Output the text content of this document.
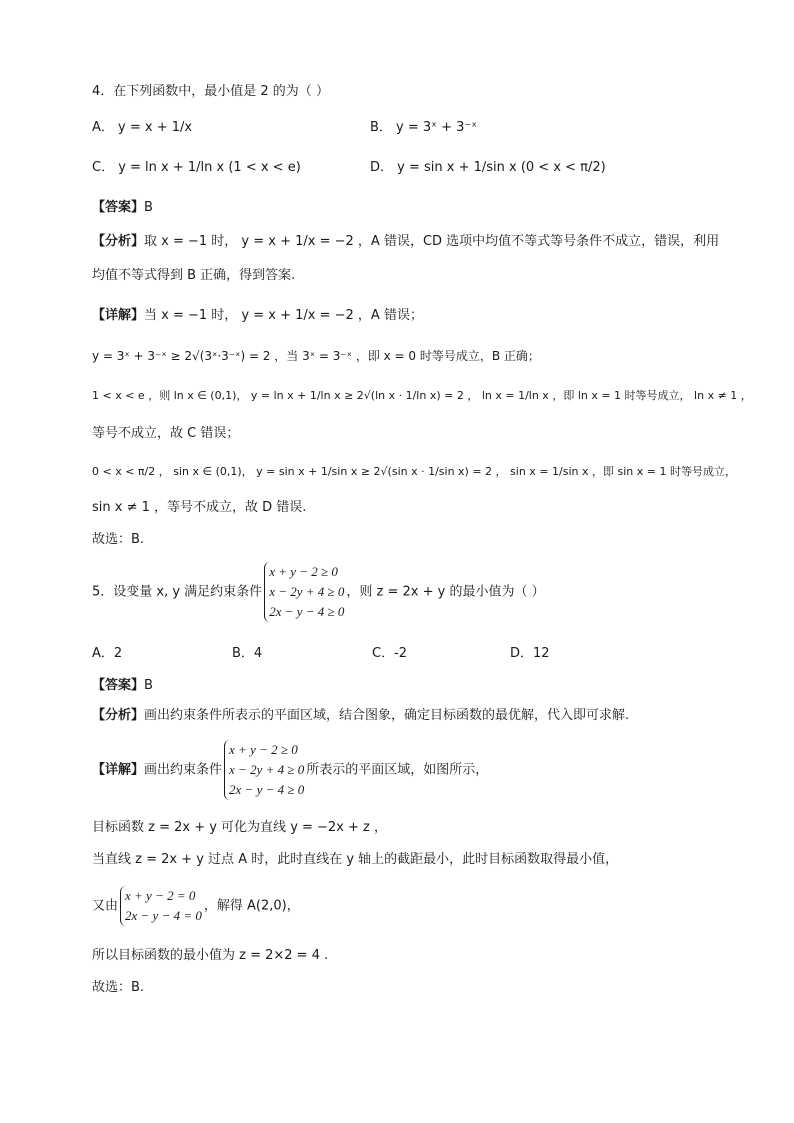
4．在下列函数中，最小值是 2 的为（ ）
A． y = x + 1/x	B． y = 3ˣ + 3⁻ˣ
C． y = ln x + 1/ln x (1 < x < e)	D． y = sin x + 1/sin x (0 < x < π/2)
【答案】B
【分析】取 x = −1 时， y = x + 1/x = −2 ，A 错误，CD 选项中均值不等式等号条件不成立，错误，利用
均值不等式得到 B 正确，得到答案.
【详解】当 x = −1 时， y = x + 1/x = −2 ，A 错误；
y = 3ˣ + 3⁻ˣ ≥ 2√(3ˣ·3⁻ˣ) = 2 ，当 3ˣ = 3⁻ˣ ，即 x = 0 时等号成立，B 正确；
1 < x < e ，则 ln x ∈ (0,1)， y = ln x + 1/ln x ≥ 2√(ln x · 1/ln x) = 2 ， ln x = 1/ln x ，即 ln x = 1 时等号成立， ln x ≠ 1 ，
等号不成立，故 C 错误；
0 < x < π/2 ， sin x ∈ (0,1)， y = sin x + 1/sin x ≥ 2√(sin x · 1/sin x) = 2 ， sin x = 1/sin x ，即 sin x = 1 时等号成立，
sin x ≠ 1 ，等号不成立，故 D 错误.
故选：B.
5．设变量 x, y 满足约束条件
x + y − 2 ≥ 0
x − 2y + 4 ≥ 0
2x − y − 4 ≥ 0
，则 z = 2x + y 的最小值为（ ）
A．2	B．4	C．-2	D．12
【答案】B
【分析】画出约束条件所表示的平面区域，结合图象，确定目标函数的最优解，代入即可求解.
【详解】画出约束条件
x + y − 2 ≥ 0
x − 2y + 4 ≥ 0
2x − y − 4 ≥ 0
所表示的平面区域，如图所示，
目标函数 z = 2x + y 可化为直线 y = −2x + z ，
当直线 z = 2x + y 过点 A 时，此时直线在 y 轴上的截距最小，此时目标函数取得最小值，
又由
x + y − 2 = 0
2x − y − 4 = 0
，解得 A(2,0)，
所以目标函数的最小值为 z = 2×2 = 4 .
故选：B.
